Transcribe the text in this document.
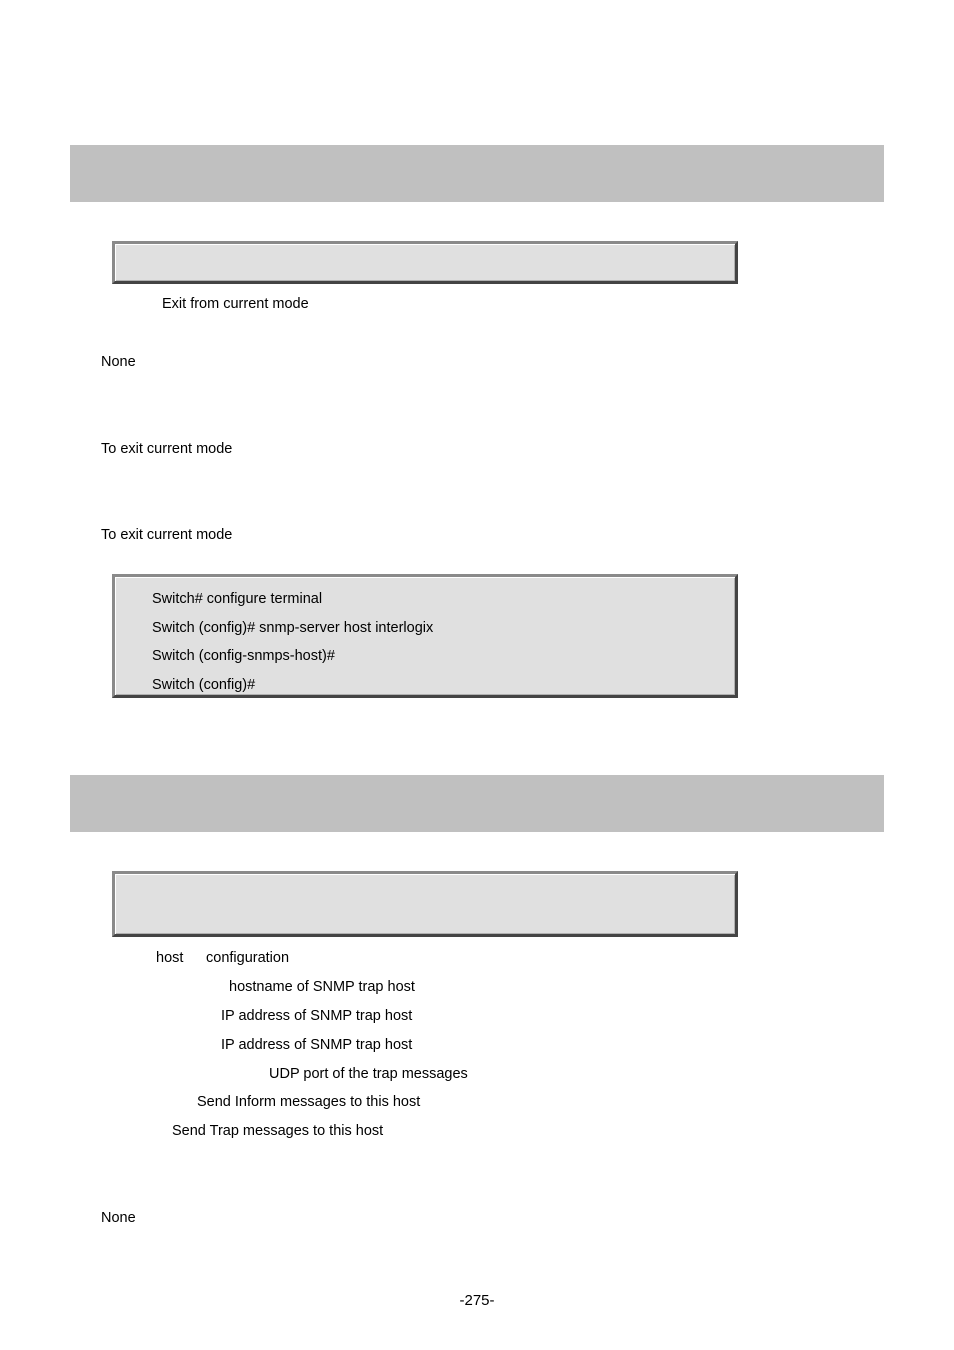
Exit from current mode
None
To exit current mode
To exit current mode
Switch# configure terminal
Switch (config)# snmp-server host interlogix
Switch (config-snmps-host)#
Switch (config)#
host configuration
hostname of SNMP trap host
IP address of SNMP trap host
IP address of SNMP trap host
UDP port of the trap messages
Send Inform messages to this host
Send Trap messages to this host
None
-275-
